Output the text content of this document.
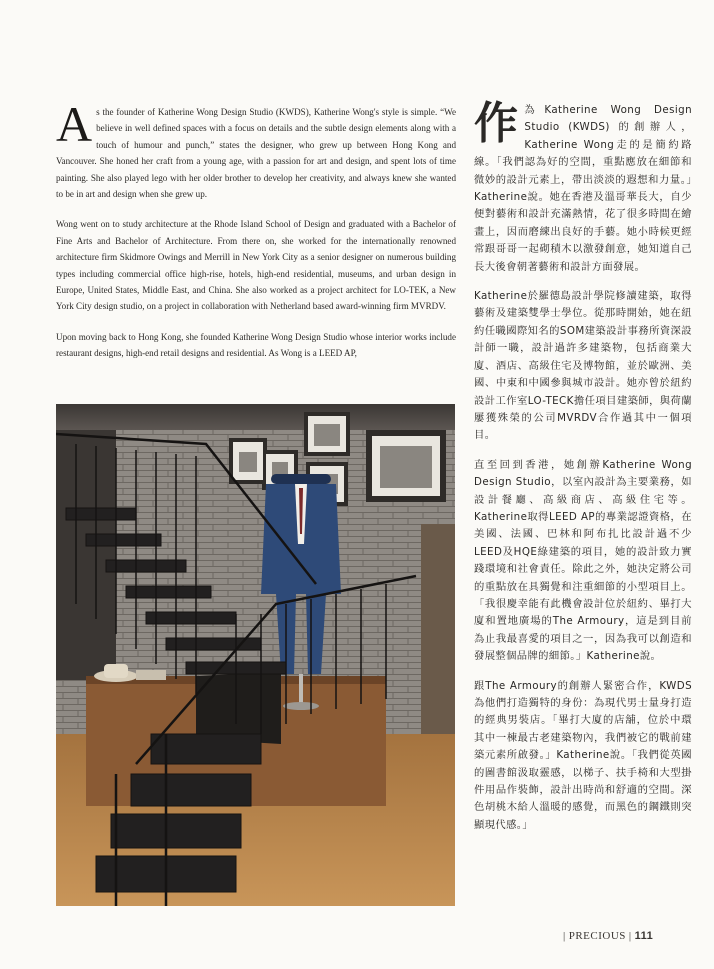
As the founder of Katherine Wong Design Studio (KWDS), Katherine Wong's style is simple. “We believe in well defined spaces with a focus on details and the subtle design elements along with a touch of humour and punch,” states the designer, who grew up between Hong Kong and Vancouver. She honed her craft from a young age, with a passion for art and design, and spent lots of time painting. She also played lego with her older brother to develop her creativity, and always knew she wanted to be in art and design when she grew up.

Wong went on to study architecture at the Rhode Island School of Design and graduated with a Bachelor of Fine Arts and Bachelor of Architecture. From there on, she worked for the internationally renowned architecture firm Skidmore Owings and Merrill in New York City as a senior designer on numerous building types including commercial office high-rise, hotels, high-end residential, museums, and urban design in Europe, United States, Middle East, and China. She also worked as a project architect for LO-TEK, a New York City design studio, on a project in collaboration with Netherland based award-winning firm MVRDV.

Upon moving back to Hong Kong, she founded Katherine Wong Design Studio whose interior works include restaurant designs, high-end retail designs and residential. As Wong is a LEED AP,

作為Katherine Wong Design Studio (KWDS) 的創辦人，Katherine Wong走的是簡約路線。「我們認為好的空間，重點應放在細節和微妙的設計元素上，帶出淡淡的遐想和力量。」Katherine說。她在香港及溫哥華長大，自少便對藝術和設計充滿熱情，花了很多時間在繪畫上，因而磨練出良好的手藝。她小時候更經常跟哥哥一起砌積木以激發創意，她知道自己長大後會朝著藝術和設計方面發展。

Katherine於羅德島設計學院修讀建築，取得藝術及建築雙學士學位。從那時開始，她在紐約任職國際知名的SOM建築設計事務所資深設計師一職，設計過許多建築物，包括商業大廈、酒店、高級住宅及博物館，並於歐洲、美國、中東和中國參與城市設計。她亦曾於紐約設計工作室LO-TECK擔任項目建築師，與荷蘭屢獲殊榮的公司MVRDV合作過其中一個項目。

直至回到香港，她創辦Katherine Wong Design Studio，以室內設計為主要業務，如設計餐廳、高級商店、高級住宅等。Katherine取得LEED AP的專業認證資格，在美國、法國、巴林和阿布扎比設計過不少LEED及HQE綠建築的項目，她的設計致力實踐環境和社會責任。除此之外，她決定將公司的重點放在具獨覺和注重細節的小型項目上。「我很慶幸能有此機會設計位於紐約、畢打大廈和置地廣場的The Armoury，這是到目前為止我最喜愛的項目之一，因為我可以創造和發展整個品牌的細節。」Katherine說。

跟The Armoury的創辦人緊密合作，KWDS為他們打造獨特的身份：為現代男士量身打造的經典男裝店。「畢打大廈的店舖，位於中環其中一棟最古老建築物內，我們被它的戰前建築元素所啟發。」Katherine說。「我們從英國的圖書館汲取靈感，以梯子、扶手椅和大型掛件用品作裝飾，設計出時尚和舒適的空間。深色胡桃木給人溫暖的感覺，而黑色的鋼鐵則突顯現代感。」

| PRECIOUS | 111
